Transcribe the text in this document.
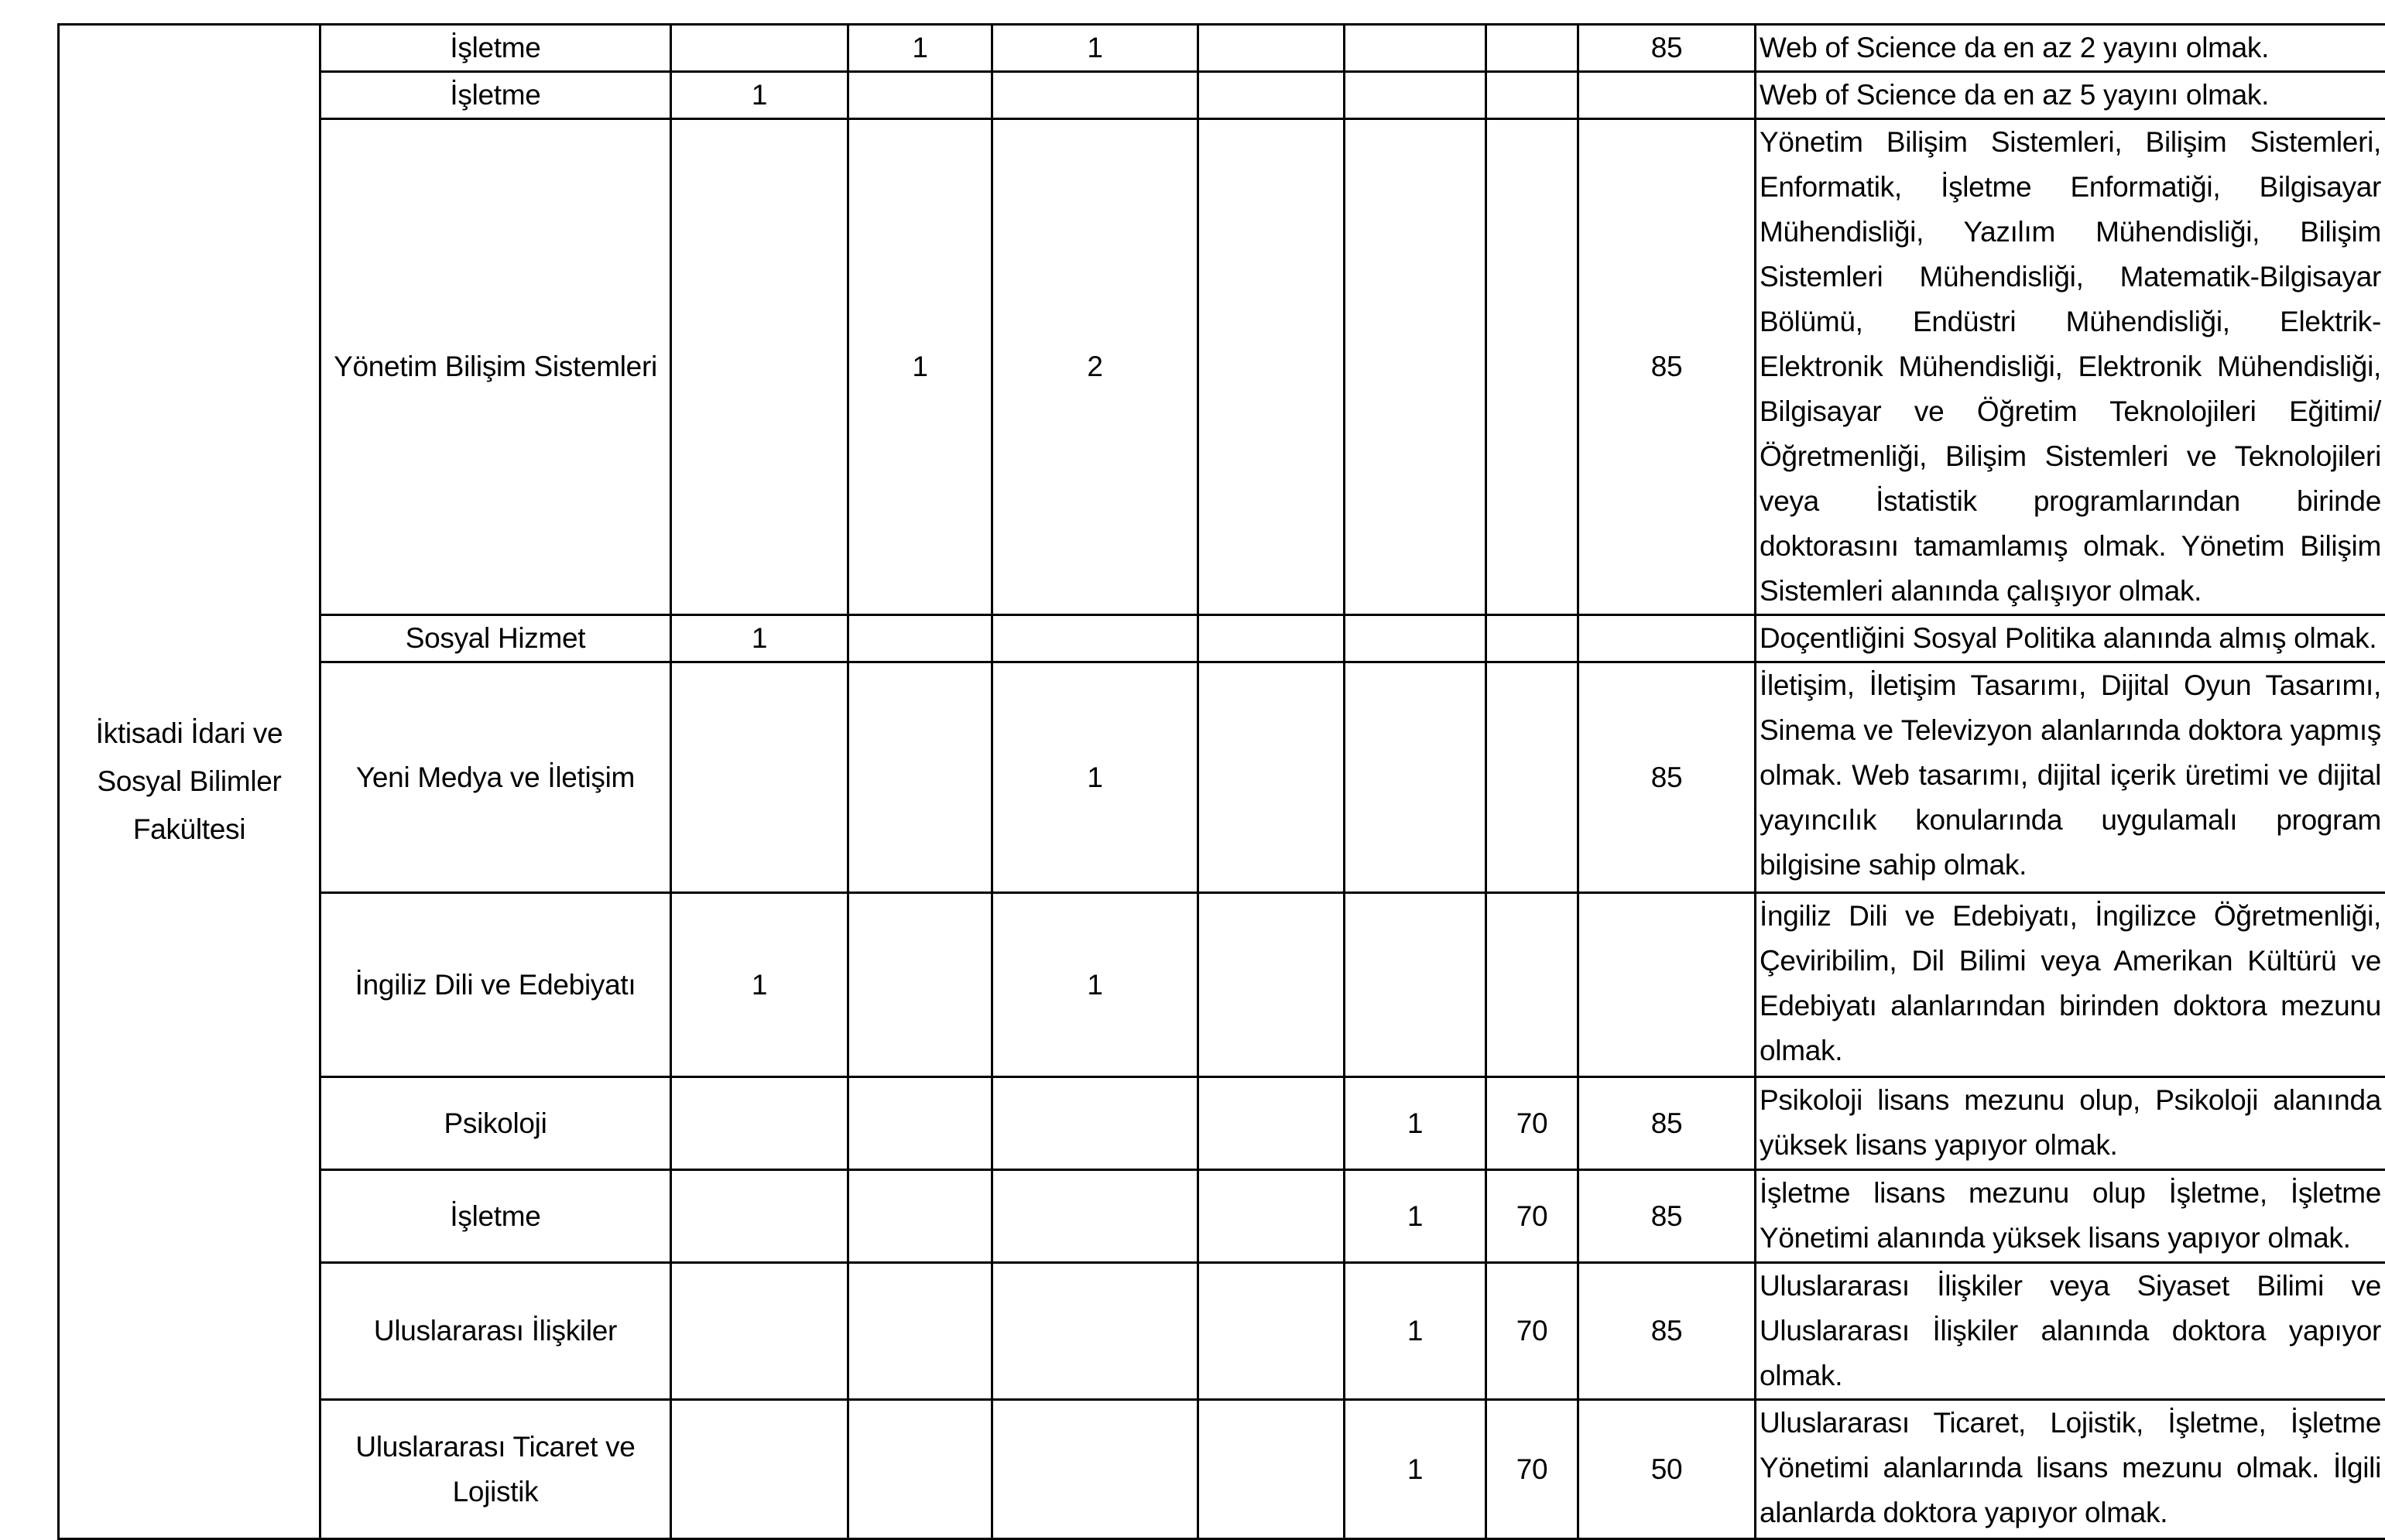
İktisadi İdari ve Sosyal Bilimler Fakültesi	İşletme		1	1				85	Web of Science da en az 2 yayını olmak.
	İşletme	1							Web of Science da en az 5 yayını olmak.
	Yönetim Bilişim Sistemleri		1	2				85	Yönetim Bilişim Sistemleri, Bilişim Sistemleri, Enformatik, İşletme Enformatiği, Bilgisayar Mühendisliği, Yazılım Mühendisliği, Bilişim Sistemleri Mühendisliği, Matematik-Bilgisayar Bölümü, Endüstri Mühendisliği, Elektrik- Elektronik Mühendisliği, Elektronik Mühendisliği, Bilgisayar ve Öğretim Teknolojileri Eğitimi/Öğretmenliği, Bilişim Sistemleri ve Teknolojileri veya İstatistik programlarından birinde doktorasını tamamlamış olmak. Yönetim Bilişim Sistemleri alanında çalışıyor olmak.
	Sosyal Hizmet	1							Doçentliğini Sosyal Politika alanında almış olmak.
	Yeni Medya ve İletişim			1				85	İletişim, İletişim Tasarımı, Dijital Oyun Tasarımı, Sinema ve Televizyon alanlarında doktora yapmış olmak. Web tasarımı, dijital içerik üretimi ve dijital yayıncılık konularında uygulamalı program bilgisine sahip olmak.
	İngiliz Dili ve Edebiyatı	1		1					İngiliz Dili ve Edebiyatı, İngilizce Öğretmenliği, Çeviribilim, Dil Bilimi veya Amerikan Kültürü ve Edebiyatı alanlarından birinden doktora mezunu olmak.
	Psikoloji					1	70	85	Psikoloji lisans mezunu olup, Psikoloji alanında yüksek lisans yapıyor olmak.
	İşletme					1	70	85	İşletme lisans mezunu olup İşletme, İşletme Yönetimi alanında yüksek lisans yapıyor olmak.
	Uluslararası İlişkiler					1	70	85	Uluslararası İlişkiler veya Siyaset Bilimi ve Uluslararası İlişkiler alanında doktora yapıyor olmak.
	Uluslararası Ticaret ve Lojistik					1	70	50	Uluslararası Ticaret, Lojistik, İşletme, İşletme Yönetimi alanlarında lisans mezunu olmak. İlgili alanlarda doktora yapıyor olmak.
